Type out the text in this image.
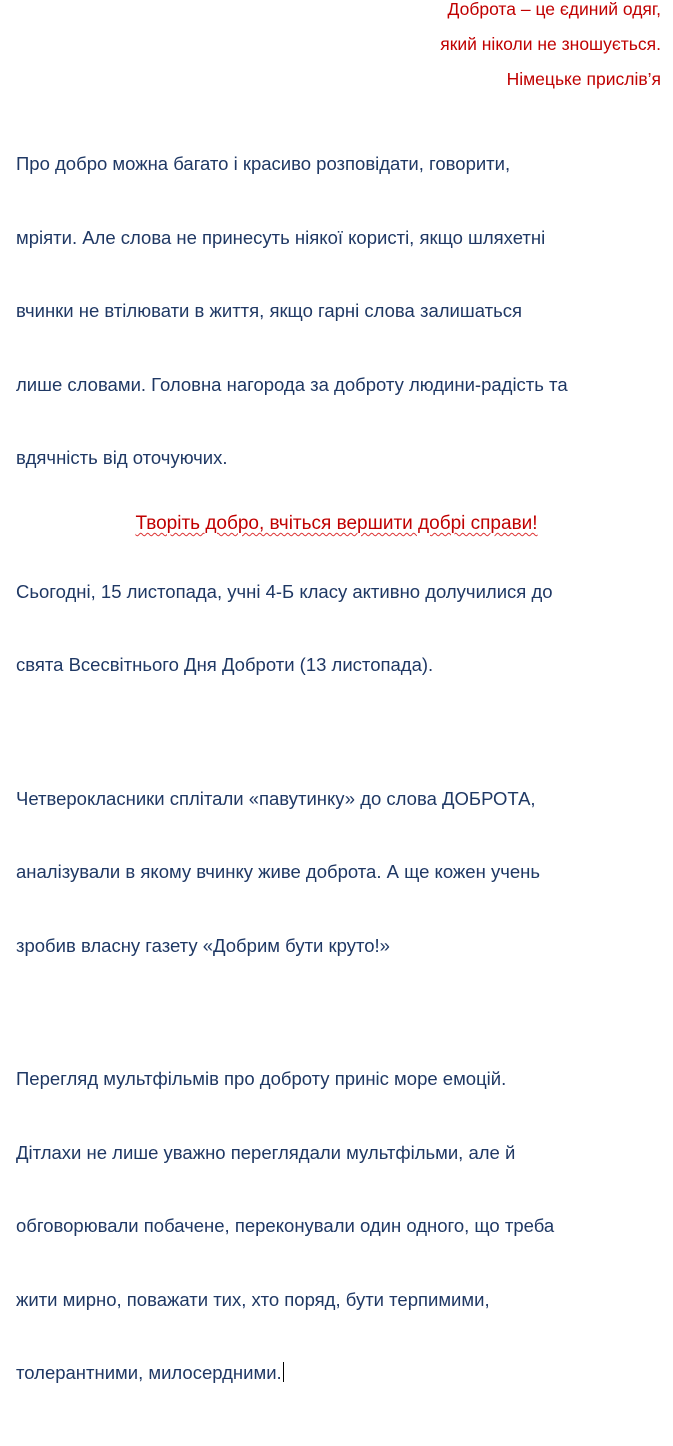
Доброта – це єдиний одяг,
який ніколи не зношується.
Німецьке прислів’я

Про добро можна багато і красиво розповідати, говорити,

мріяти. Але слова не принесуть ніякої користі, якщо шляхетні

вчинки не втілювати в життя, якщо гарні слова залишаться

лише словами. Головна нагорода за доброту людини-радість та

вдячність від оточуючих.

Сьогодні, 15 листопада, учні 4-Б класу активно долучилися до

свята Всесвітнього Дня Доброти (13 листопада).

Четверокласники сплітали «павутинку» до слова ДОБРОТА,

аналізували в якому вчинку живе доброта. А ще кожен учень

зробив власну газету «Добрим бути круто!»

Перегляд мультфільмів про доброту приніс море емоцій.

Дітлахи не лише уважно переглядали мультфільми, але й

обговорювали побачене, переконували один одного, що треба

жити мирно, поважати тих, хто поряд, бути терпимими,

толерантними, милосердними.

Творіть добро, вчіться вершити добрі справи!
